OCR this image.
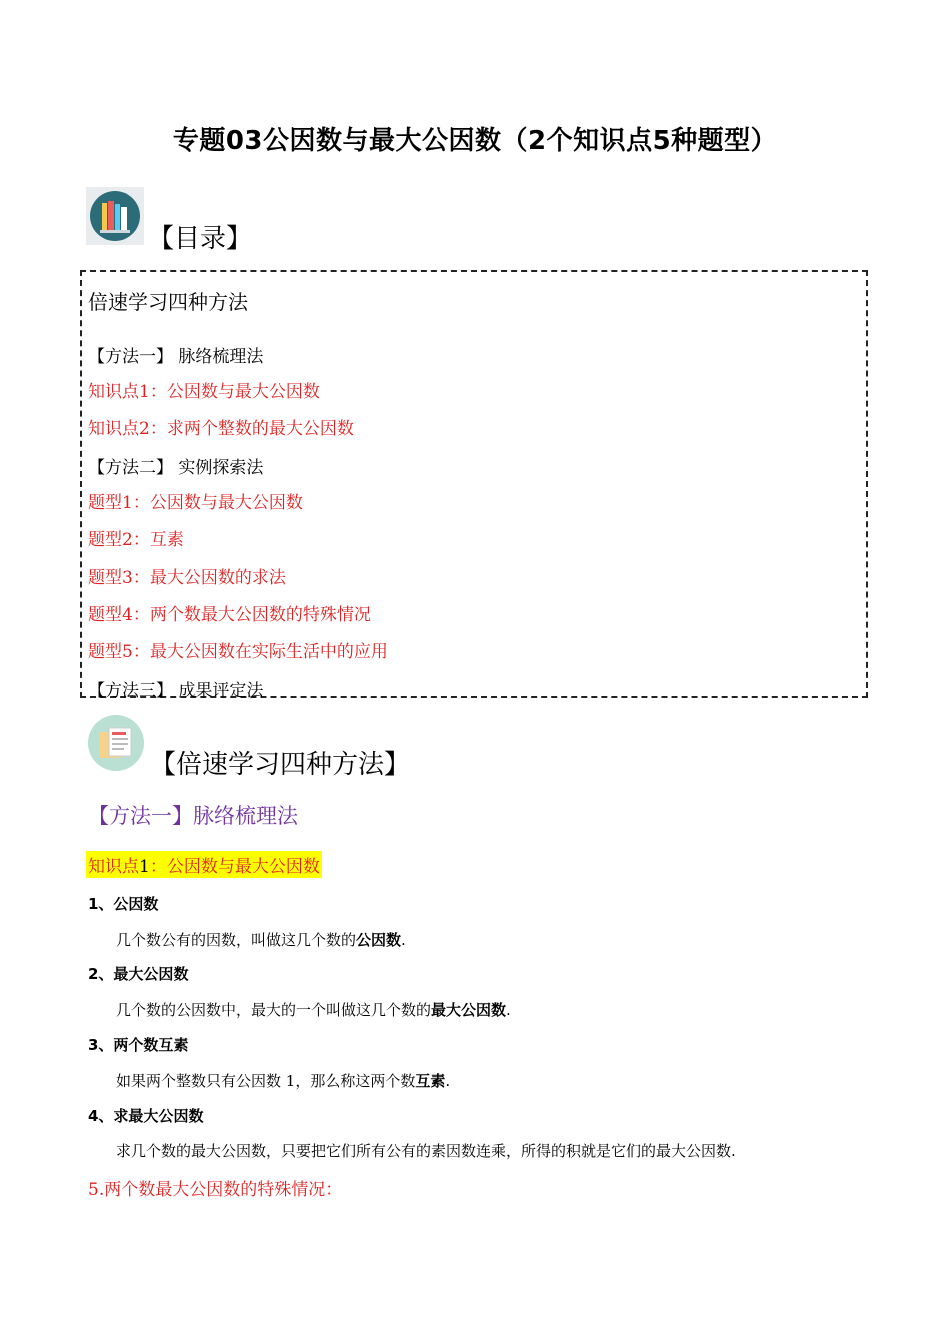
专题03公因数与最大公因数（2个知识点5种题型）
【目录】
倍速学习四种方法
【方法一】 脉络梳理法
知识点1：公因数与最大公因数
知识点2：求两个整数的最大公因数
【方法二】 实例探索法
题型1：公因数与最大公因数
题型2：互素
题型3：最大公因数的求法
题型4：两个数最大公因数的特殊情况
题型5：最大公因数在实际生活中的应用
【方法三】 成果评定法
【倍速学习四种方法】
【方法一】脉络梳理法
知识点1：公因数与最大公因数
1、公因数
几个数公有的因数，叫做这几个数的公因数.
2、最大公因数
几个数的公因数中，最大的一个叫做这几个数的最大公因数.
3、两个数互素
如果两个整数只有公因数 1，那么称这两个数互素.
4、求最大公因数
求几个数的最大公因数，只要把它们所有公有的素因数连乘，所得的积就是它们的最大公因数.
5.两个数最大公因数的特殊情况：
